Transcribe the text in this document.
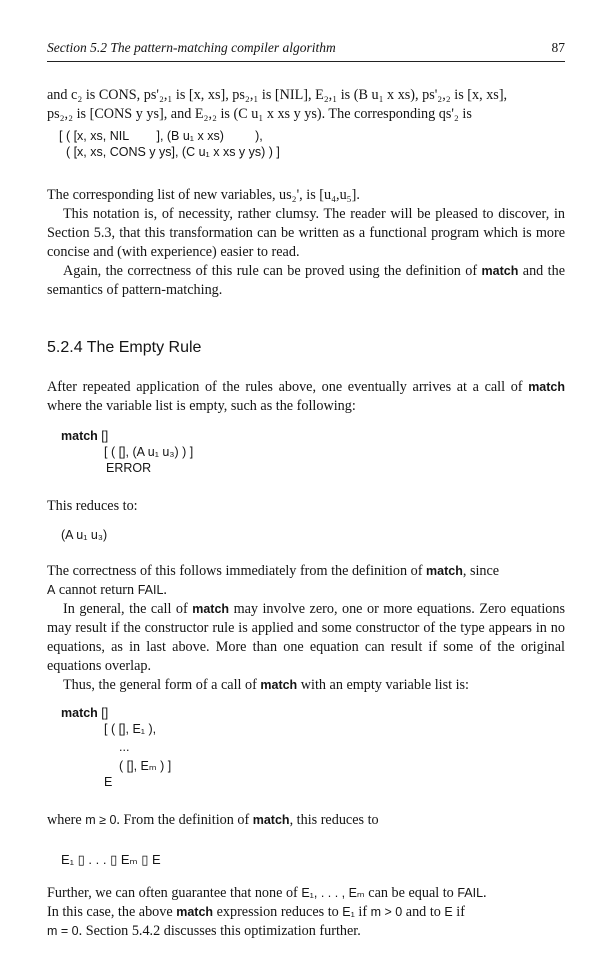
Section 5.2 The pattern-matching compiler algorithm	87
and c₂ is CONS, ps'₂,₁ is [x, xs], ps₂,₁ is [NIL], E₂,₁ is (B u₁ x xs), ps'₂,₂ is [x, xs],
ps₂,₂ is [CONS y ys], and E₂,₂ is (C u₁ x xs y ys). The corresponding qs'₂ is
[ ( [x, xs, NIL        ], (B u₁ x xs)         ),
( [x, xs, CONS y ys], (C u₁ x xs y ys) ) ]

The corresponding list of new variables, us₂', is [u₄,u₅].

This notation is, of necessity, rather clumsy. The reader will be pleased to discover, in Section 5.3, that this transformation can be written as a functional program which is more concise and (with experience) easier to read.

Again, the correctness of this rule can be proved using the definition of match and the semantics of pattern-matching.

5.2.4 The Empty Rule

After repeated application of the rules above, one eventually arrives at a call of match where the variable list is empty, such as the following:

match []
[ ( [], (A u₁ u₃) ) ]
ERROR

This reduces to:

(A u₁ u₃)

The correctness of this follows immediately from the definition of match, since
A cannot return FAIL.

In general, the call of match may involve zero, one or more equations. Zero equations may result if the constructor rule is applied and some constructor of the type appears in no equations, as in last above. More than one equation can result if some of the original equations overlap.

Thus, the general form of a call of match with an empty variable list is:

match []
[ ( [], E₁ ),
...
( [], Eₘ ) ]
E

where m ≥ 0. From the definition of match, this reduces to

E₁ ▯ . . . ▯ Eₘ ▯ E
Further, we can often guarantee that none of E₁, . . . , Eₘ can be equal to FAIL.
In this case, the above match expression reduces to E₁ if m > 0 and to E if
m = 0. Section 5.4.2 discusses this optimization further.
